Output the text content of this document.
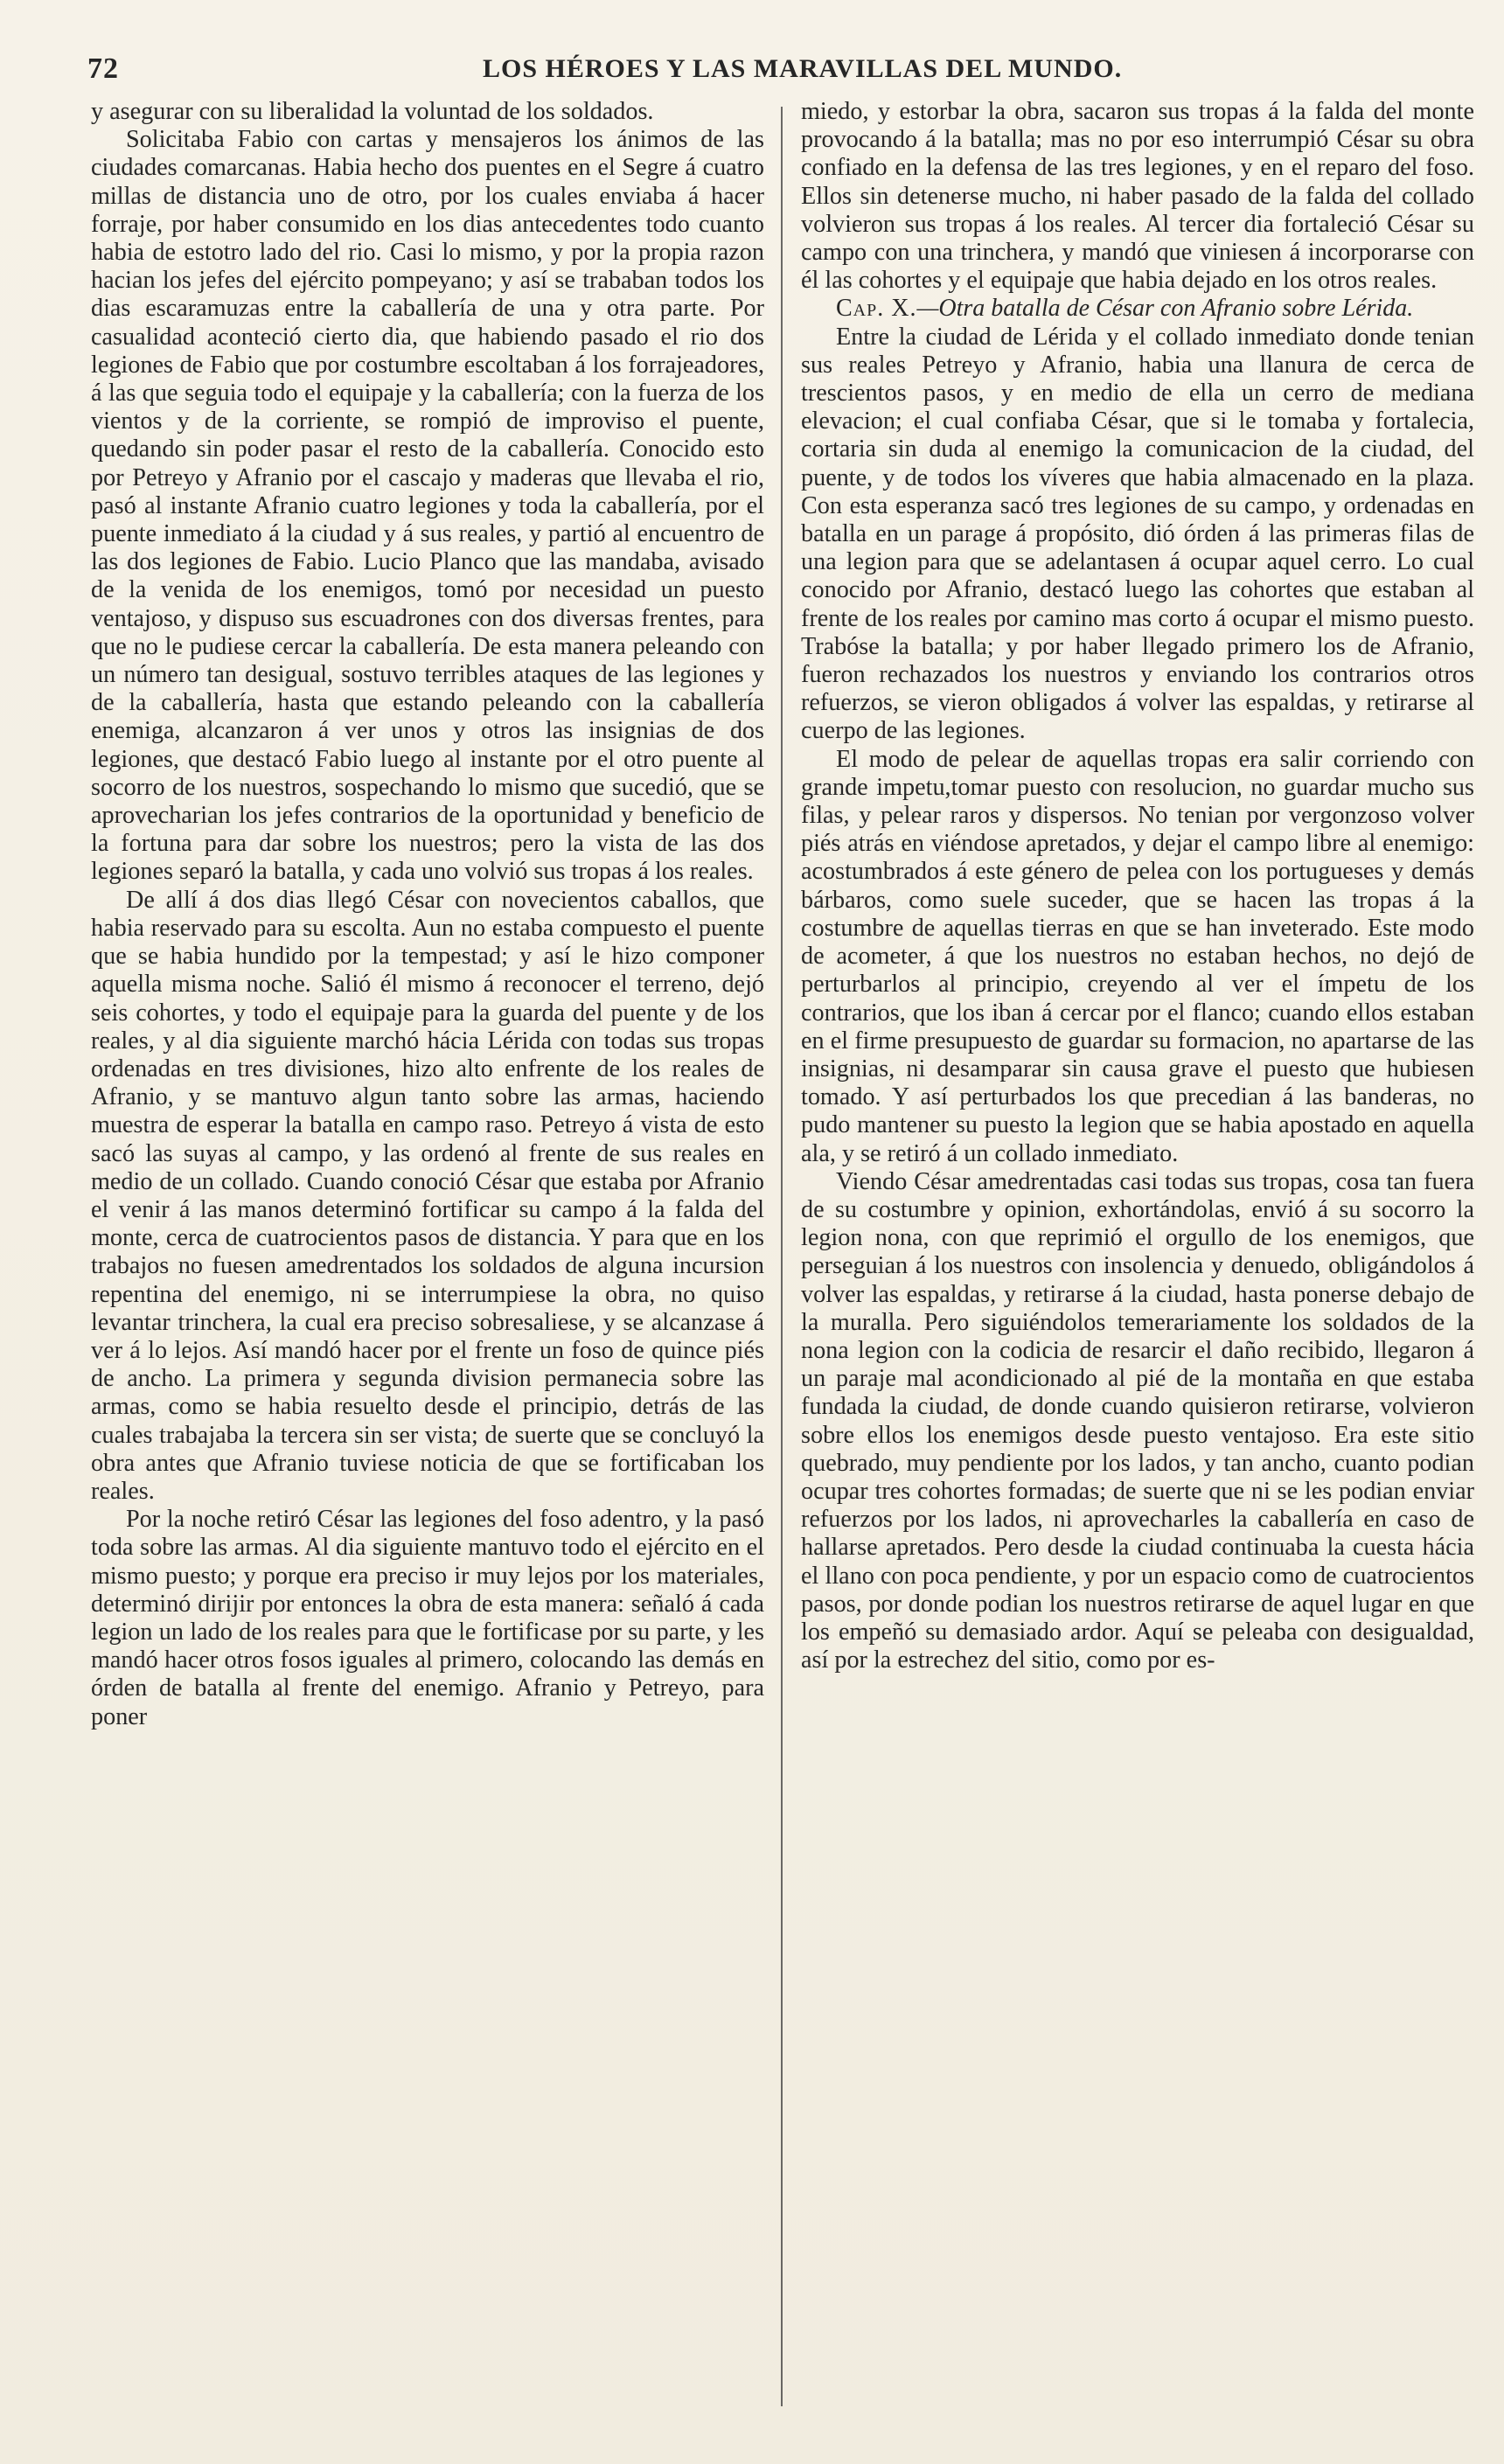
72	LOS HÉROES Y LAS MARAVILLAS DEL MUNDO.

y asegurar con su liberalidad la voluntad de los soldados.

Solicitaba Fabio con cartas y mensajeros los ánimos de las ciudades comarcanas. Habia hecho dos puentes en el Segre á cuatro millas de distancia uno de otro, por los cuales enviaba á hacer forraje, por haber consumido en los dias antecedentes todo cuanto habia de estotro lado del rio. Casi lo mismo, y por la propia razon hacian los jefes del ejército pompeyano; y así se trababan todos los dias escaramuzas entre la caballería de una y otra parte. Por casualidad aconteció cierto dia, que habiendo pasado el rio dos legiones de Fabio que por costumbre escoltaban á los forrajeadores, á las que seguia todo el equipaje y la caballería; con la fuerza de los vientos y de la corriente, se rompió de improviso el puente, quedando sin poder pasar el resto de la caballería. Conocido esto por Petreyo y Afranio por el cascajo y maderas que llevaba el rio, pasó al instante Afranio cuatro legiones y toda la caballería, por el puente inmediato á la ciudad y á sus reales, y partió al encuentro de las dos legiones de Fabio. Lucio Planco que las mandaba, avisado de la venida de los enemigos, tomó por necesidad un puesto ventajoso, y dispuso sus escuadrones con dos diversas frentes, para que no le pudiese cercar la caballería. De esta manera peleando con un número tan desigual, sostuvo terribles ataques de las legiones y de la caballería, hasta que estando peleando con la caballería enemiga, alcanzaron á ver unos y otros las insignias de dos legiones, que destacó Fabio luego al instante por el otro puente al socorro de los nuestros, sospechando lo mismo que sucedió, que se aprovecharian los jefes contrarios de la oportunidad y beneficio de la fortuna para dar sobre los nuestros; pero la vista de las dos legiones separó la batalla, y cada uno volvió sus tropas á los reales.

De allí á dos dias llegó César con novecientos caballos, que habia reservado para su escolta. Aun no estaba compuesto el puente que se habia hundido por la tempestad; y así le hizo componer aquella misma noche. Salió él mismo á reconocer el terreno, dejó seis cohortes, y todo el equipaje para la guarda del puente y de los reales, y al dia siguiente marchó hácia Lérida con todas sus tropas ordenadas en tres divisiones, hizo alto enfrente de los reales de Afranio, y se mantuvo algun tanto sobre las armas, haciendo muestra de esperar la batalla en campo raso. Petreyo á vista de esto sacó las suyas al campo, y las ordenó al frente de sus reales en medio de un collado. Cuando conoció César que estaba por Afranio el venir á las manos determinó fortificar su campo á la falda del monte, cerca de cuatrocientos pasos de distancia. Y para que en los trabajos no fuesen amedrentados los soldados de alguna incursion repentina del enemigo, ni se interrumpiese la obra, no quiso levantar trinchera, la cual era preciso sobresaliese, y se alcanzase á ver á lo lejos. Así mandó hacer por el frente un foso de quince piés de ancho. La primera y segunda division permanecia sobre las armas, como se habia resuelto desde el principio, detrás de las cuales trabajaba la tercera sin ser vista; de suerte que se concluyó la obra antes que Afranio tuviese noticia de que se fortificaban los reales.

Por la noche retiró César las legiones del foso adentro, y la pasó toda sobre las armas. Al dia siguiente mantuvo todo el ejército en el mismo puesto; y porque era preciso ir muy lejos por los materiales, determinó dirijir por entonces la obra de esta manera: señaló á cada legion un lado de los reales para que le fortificase por su parte, y les mandó hacer otros fosos iguales al primero, colocando las demás en órden de batalla al frente del enemigo. Afranio y Petreyo, para poner

miedo, y estorbar la obra, sacaron sus tropas á la falda del monte provocando á la batalla; mas no por eso interrumpió César su obra confiado en la defensa de las tres legiones, y en el reparo del foso. Ellos sin detenerse mucho, ni haber pasado de la falda del collado volvieron sus tropas á los reales. Al tercer dia fortaleció César su campo con una trinchera, y mandó que viniesen á incorporarse con él las cohortes y el equipaje que habia dejado en los otros reales.

Cap. X.—Otra batalla de César con Afranio sobre Lérida.

Entre la ciudad de Lérida y el collado inmediato donde tenian sus reales Petreyo y Afranio, habia una llanura de cerca de trescientos pasos, y en medio de ella un cerro de mediana elevacion; el cual confiaba César, que si le tomaba y fortalecia, cortaria sin duda al enemigo la comunicacion de la ciudad, del puente, y de todos los víveres que habia almacenado en la plaza. Con esta esperanza sacó tres legiones de su campo, y ordenadas en batalla en un parage á propósito, dió órden á las primeras filas de una legion para que se adelantasen á ocupar aquel cerro. Lo cual conocido por Afranio, destacó luego las cohortes que estaban al frente de los reales por camino mas corto á ocupar el mismo puesto. Trabóse la batalla; y por haber llegado primero los de Afranio, fueron rechazados los nuestros y enviando los contrarios otros refuerzos, se vieron obligados á volver las espaldas, y retirarse al cuerpo de las legiones.

El modo de pelear de aquellas tropas era salir corriendo con grande impetu,tomar puesto con resolucion, no guardar mucho sus filas, y pelear raros y dispersos. No tenian por vergonzoso volver piés atrás en viéndose apretados, y dejar el campo libre al enemigo: acostumbrados á este género de pelea con los portugueses y demás bárbaros, como suele suceder, que se hacen las tropas á la costumbre de aquellas tierras en que se han inveterado. Este modo de acometer, á que los nuestros no estaban hechos, no dejó de perturbarlos al principio, creyendo al ver el ímpetu de los contrarios, que los iban á cercar por el flanco; cuando ellos estaban en el firme presupuesto de guardar su formacion, no apartarse de las insignias, ni desamparar sin causa grave el puesto que hubiesen tomado. Y así perturbados los que precedian á las banderas, no pudo mantener su puesto la legion que se habia apostado en aquella ala, y se retiró á un collado inmediato.

Viendo César amedrentadas casi todas sus tropas, cosa tan fuera de su costumbre y opinion, exhortándolas, envió á su socorro la legion nona, con que reprimió el orgullo de los enemigos, que perseguian á los nuestros con insolencia y denuedo, obligándolos á volver las espaldas, y retirarse á la ciudad, hasta ponerse debajo de la muralla. Pero siguiéndolos temerariamente los soldados de la nona legion con la codicia de resarcir el daño recibido, llegaron á un paraje mal acondicionado al pié de la montaña en que estaba fundada la ciudad, de donde cuando quisieron retirarse, volvieron sobre ellos los enemigos desde puesto ventajoso. Era este sitio quebrado, muy pendiente por los lados, y tan ancho, cuanto podian ocupar tres cohortes formadas; de suerte que ni se les podian enviar refuerzos por los lados, ni aprovecharles la caballería en caso de hallarse apretados. Pero desde la ciudad continuaba la cuesta hácia el llano con poca pendiente, y por un espacio como de cuatrocientos pasos, por donde podian los nuestros retirarse de aquel lugar en que los empeñó su demasiado ardor. Aquí se peleaba con desigualdad, así por la estrechez del sitio, como por es-
